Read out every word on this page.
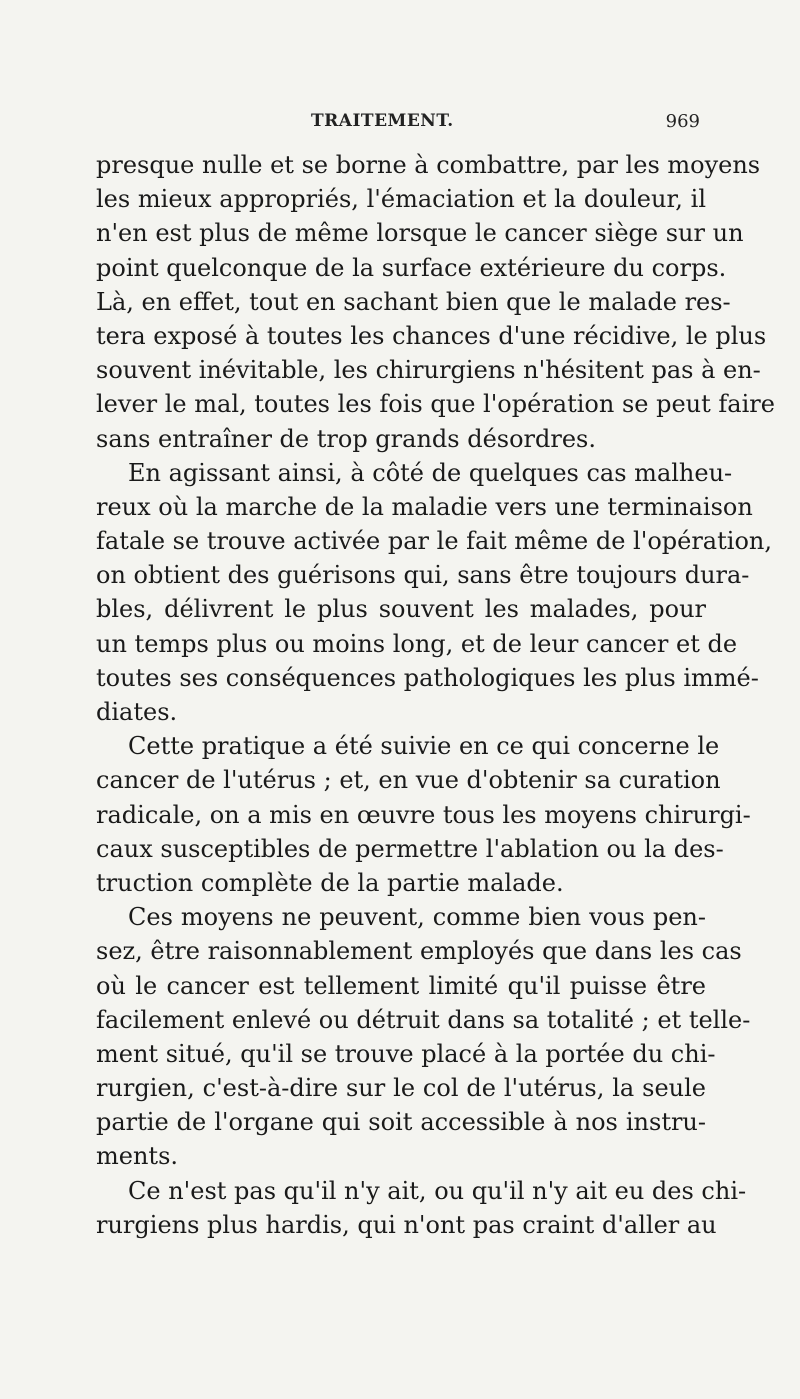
TRAITEMENT.	969
presque nulle et se borne à combattre, par les moyens
les mieux appropriés, l'émaciation et la douleur, il
n'en est plus de même lorsque le cancer siège sur un
point quelconque de la surface extérieure du corps.
Là, en effet, tout en sachant bien que le malade res-
tera exposé à toutes les chances d'une récidive, le plus
souvent inévitable, les chirurgiens n'hésitent pas à en-
lever le mal, toutes les fois que l'opération se peut faire
sans entraîner de trop grands désordres.
En agissant ainsi, à côté de quelques cas malheu-
reux où la marche de la maladie vers une terminaison
fatale se trouve activée par le fait même de l'opération,
on obtient des guérisons qui, sans être toujours dura-
bles, délivrent le plus souvent les malades, pour
un temps plus ou moins long, et de leur cancer et de
toutes ses conséquences pathologiques les plus immé-
diates.
Cette pratique a été suivie en ce qui concerne le
cancer de l'utérus ; et, en vue d'obtenir sa curation
radicale, on a mis en œuvre tous les moyens chirurgi-
caux susceptibles de permettre l'ablation ou la des-
truction complète de la partie malade.
Ces moyens ne peuvent, comme bien vous pen-
sez, être raisonnablement employés que dans les cas
où le cancer est tellement limité qu'il puisse être
facilement enlevé ou détruit dans sa totalité ; et telle-
ment situé, qu'il se trouve placé à la portée du chi-
rurgien, c'est-à-dire sur le col de l'utérus, la seule
partie de l'organe qui soit accessible à nos instru-
ments.
Ce n'est pas qu'il n'y ait, ou qu'il n'y ait eu des chi-
rurgiens plus hardis, qui n'ont pas craint d'aller au
